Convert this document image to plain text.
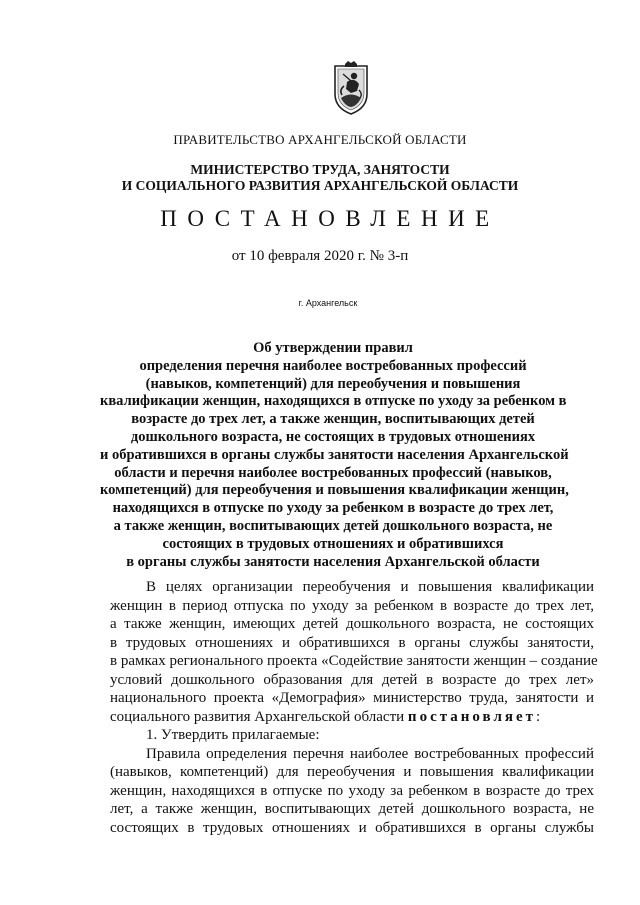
ПРАВИТЕЛЬСТВО АРХАНГЕЛЬСКОЙ ОБЛАСТИ
МИНИСТЕРСТВО ТРУДА, ЗАНЯТОСТИ
И СОЦИАЛЬНОГО РАЗВИТИЯ АРХАНГЕЛЬСКОЙ ОБЛАСТИ
ПОСТАНОВЛЕНИЕ
от 10 февраля 2020 г. № 3-п
г. Архангельск
Об утверждении правил
определения перечня наиболее востребованных профессий
(навыков, компетенций) для переобучения и повышения
квалификации женщин, находящихся в отпуске по уходу за ребенком в
возрасте до трех лет, а также женщин, воспитывающих детей
дошкольного возраста, не состоящих в трудовых отношениях
и обратившихся в органы службы занятости населения Архангельской
области и перечня наиболее востребованных профессий (навыков,
компетенций) для переобучения и повышения квалификации женщин,
находящихся в отпуске по уходу за ребенком в возрасте до трех лет,
а также женщин, воспитывающих детей дошкольного возраста, не
состоящих в трудовых отношениях и обратившихся
в органы службы занятости населения Архангельской области
В целях организации переобучения и повышения квалификации
женщин в период отпуска по уходу за ребенком в возрасте до трех лет,
а также женщин, имеющих детей дошкольного возраста, не состоящих
в трудовых отношениях и обратившихся в органы службы занятости,
в рамках регионального проекта «Содействие занятости женщин – создание
условий дошкольного образования для детей в возрасте до трех лет»
национального проекта «Демография» министерство труда, занятости и
социального развития Архангельской области постановляет:
1. Утвердить прилагаемые:
Правила определения перечня наиболее востребованных профессий
(навыков, компетенций) для переобучения и повышения квалификации
женщин, находящихся в отпуске по уходу за ребенком в возрасте до трех
лет, а также женщин, воспитывающих детей дошкольного возраста, не
состоящих в трудовых отношениях и обратившихся в органы службы
